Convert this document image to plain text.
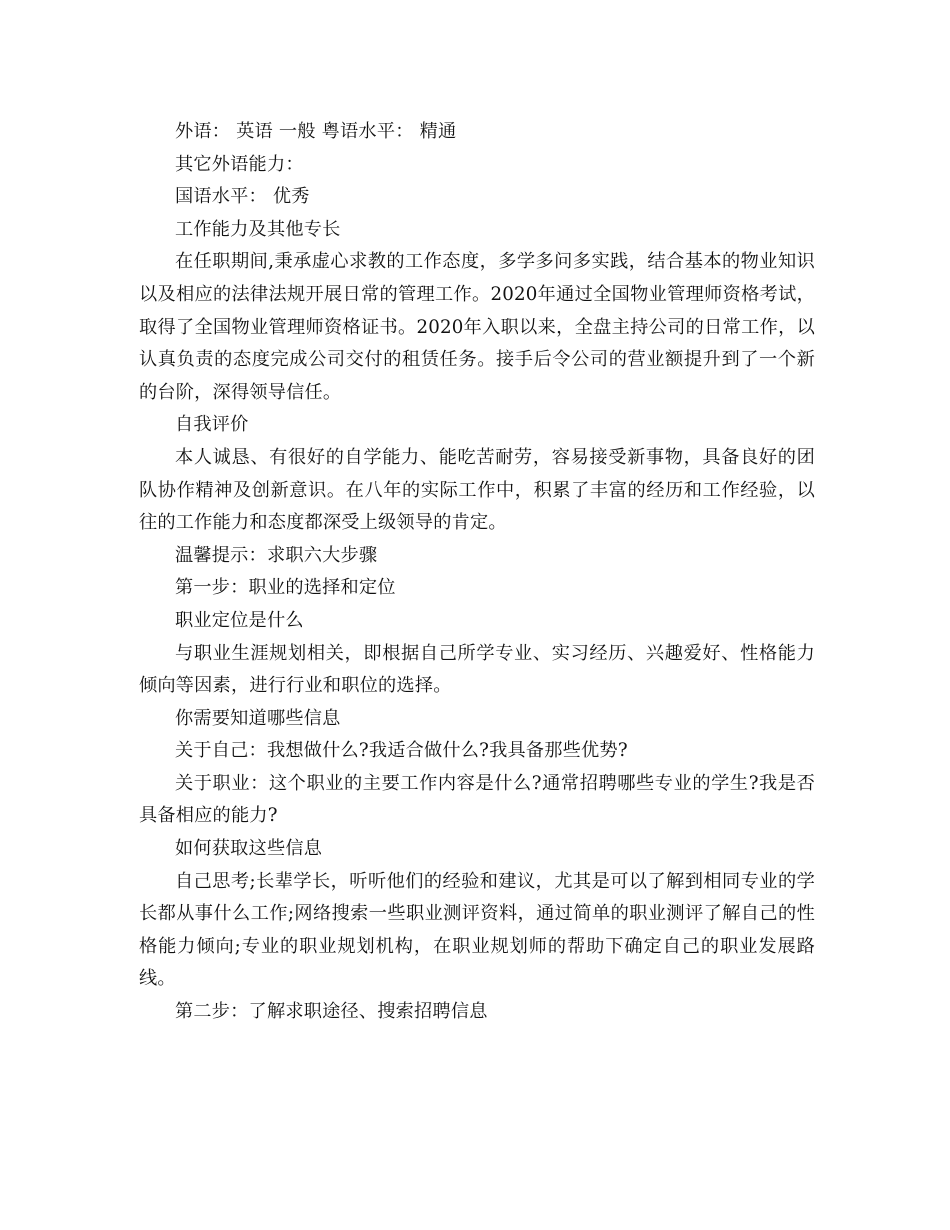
外语： 英语 一般 粤语水平： 精通

其它外语能力：

国语水平： 优秀

工作能力及其他专长

在任职期间,秉承虚心求教的工作态度，多学多问多实践，结合基本的物业知识以及相应的法律法规开展日常的管理工作。2020年通过全国物业管理师资格考试，取得了全国物业管理师资格证书。2020年入职以来，全盘主持公司的日常工作，以认真负责的态度完成公司交付的租赁任务。接手后令公司的营业额提升到了一个新的台阶，深得领导信任。

自我评价

本人诚恳、有很好的自学能力、能吃苦耐劳，容易接受新事物，具备良好的团队协作精神及创新意识。在八年的实际工作中，积累了丰富的经历和工作经验，以往的工作能力和态度都深受上级领导的肯定。

温馨提示：求职六大步骤

第一步：职业的选择和定位

职业定位是什么

与职业生涯规划相关，即根据自己所学专业、实习经历、兴趣爱好、性格能力倾向等因素，进行行业和职位的选择。

你需要知道哪些信息

关于自己：我想做什么?我适合做什么?我具备那些优势?

关于职业：这个职业的主要工作内容是什么?通常招聘哪些专业的学生?我是否具备相应的能力?

如何获取这些信息

自己思考;长辈学长，听听他们的经验和建议，尤其是可以了解到相同专业的学长都从事什么工作;网络搜索一些职业测评资料，通过简单的职业测评了解自己的性格能力倾向;专业的职业规划机构，在职业规划师的帮助下确定自己的职业发展路线。

第二步：了解求职途径、搜索招聘信息
